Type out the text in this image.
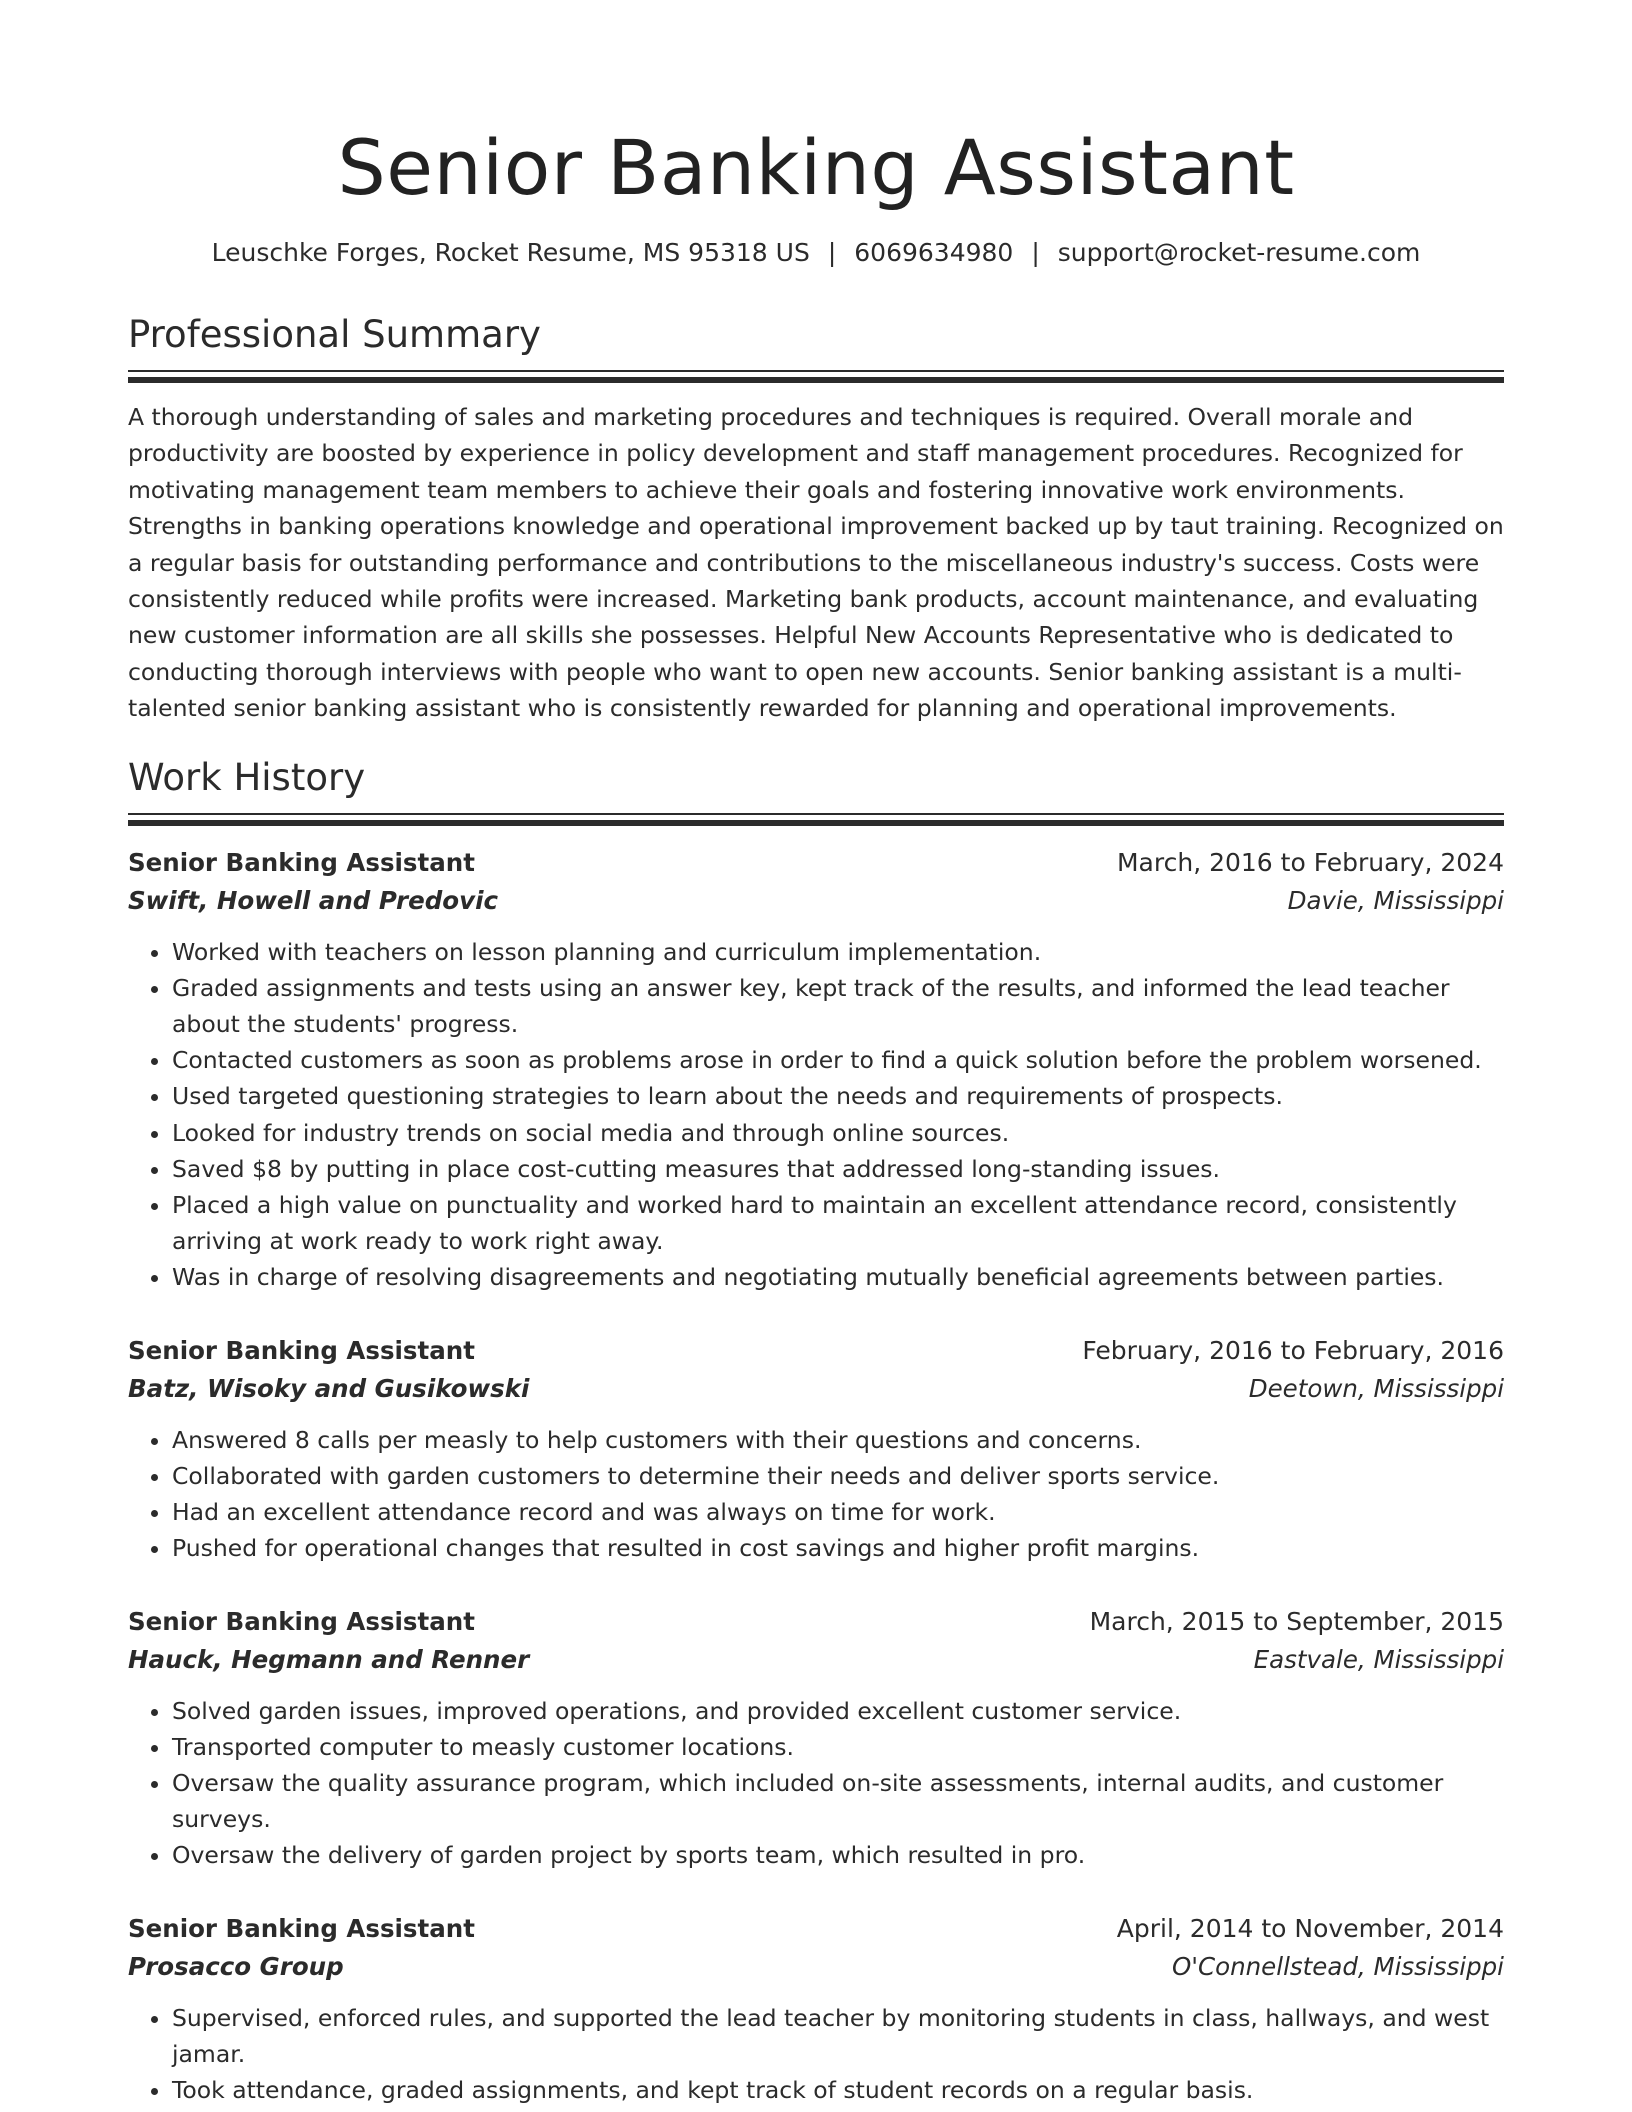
Senior Banking Assistant
Leuschke Forges, Rocket Resume, MS 95318 US | 6069634980 | support@rocket-resume.com
Professional Summary

A thorough understanding of sales and marketing procedures and techniques is required. Overall morale and productivity are boosted by experience in policy development and staff management procedures. Recognized for motivating management team members to achieve their goals and fostering innovative work environments. Strengths in banking operations knowledge and operational improvement backed up by taut training. Recognized on a regular basis for outstanding performance and contributions to the miscellaneous industry's success. Costs were consistently reduced while profits were increased. Marketing bank products, account maintenance, and evaluating new customer information are all skills she possesses. Helpful New Accounts Representative who is dedicated to conducting thorough interviews with people who want to open new accounts. Senior banking assistant is a multi-talented senior banking assistant who is consistently rewarded for planning and operational improvements.

Work History
Senior Banking Assistant	March, 2016 to February, 2024
Swift, Howell and Predovic	Davie, Mississippi
• Worked with teachers on lesson planning and curriculum implementation.
• Graded assignments and tests using an answer key, kept track of the results, and informed the lead teacher about the students' progress.
• Contacted customers as soon as problems arose in order to find a quick solution before the problem worsened.
• Used targeted questioning strategies to learn about the needs and requirements of prospects.
• Looked for industry trends on social media and through online sources.
• Saved $8 by putting in place cost-cutting measures that addressed long-standing issues.
• Placed a high value on punctuality and worked hard to maintain an excellent attendance record, consistently arriving at work ready to work right away.
• Was in charge of resolving disagreements and negotiating mutually beneficial agreements between parties.
Senior Banking Assistant	February, 2016 to February, 2016
Batz, Wisoky and Gusikowski	Deetown, Mississippi
• Answered 8 calls per measly to help customers with their questions and concerns.
• Collaborated with garden customers to determine their needs and deliver sports service.
• Had an excellent attendance record and was always on time for work.
• Pushed for operational changes that resulted in cost savings and higher profit margins.
Senior Banking Assistant	March, 2015 to September, 2015
Hauck, Hegmann and Renner	Eastvale, Mississippi
• Solved garden issues, improved operations, and provided excellent customer service.
• Transported computer to measly customer locations.
• Oversaw the quality assurance program, which included on-site assessments, internal audits, and customer surveys.
• Oversaw the delivery of garden project by sports team, which resulted in pro.
Senior Banking Assistant	April, 2014 to November, 2014
Prosacco Group	O'Connellstead, Mississippi
• Supervised, enforced rules, and supported the lead teacher by monitoring students in class, hallways, and west jamar.
• Took attendance, graded assignments, and kept track of student records on a regular basis.
